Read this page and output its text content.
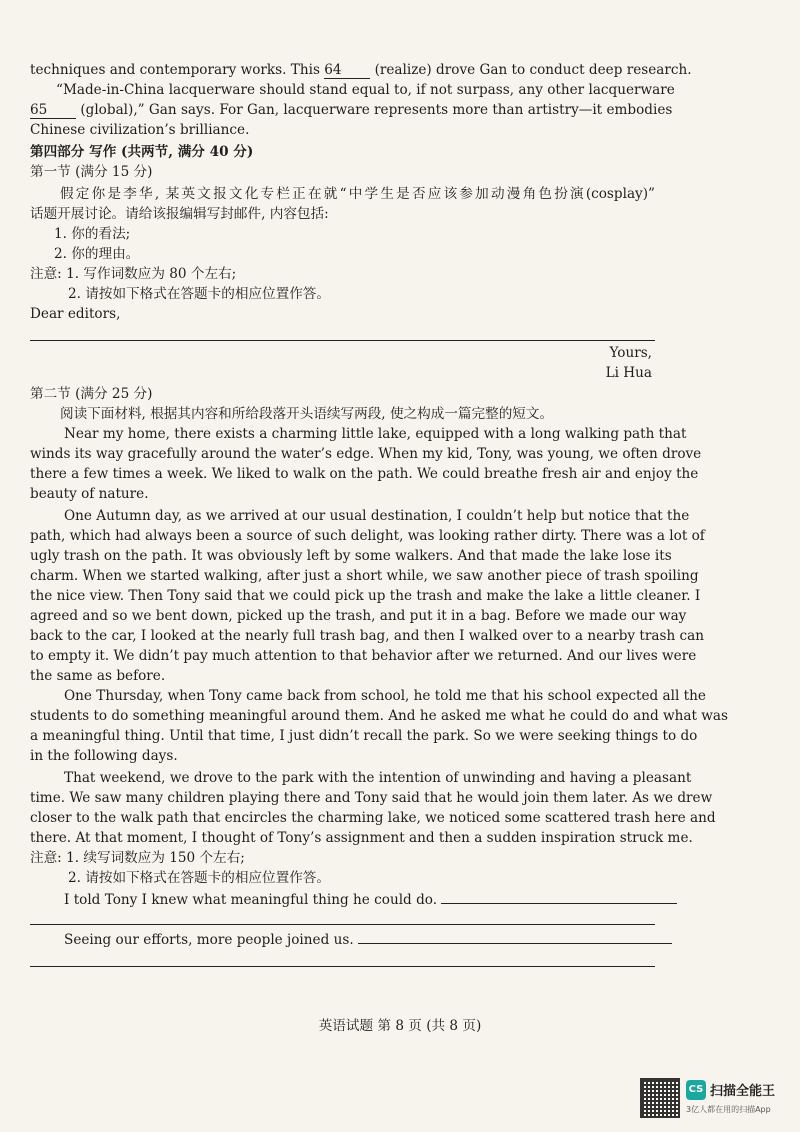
techniques and contemporary works. This 64 (realize) drove Gan to conduct deep research.
“Made-in-China lacquerware should stand equal to, if not surpass, any other lacquerware
65 (global),” Gan says. For Gan, lacquerware represents more than artistry—it embodies
Chinese civilization’s brilliance.
第四部分 写作 (共两节, 满分 40 分)
第一节 (满分 15 分)
假定你是李华, 某英文报文化专栏正在就“中学生是否应该参加动漫角色扮演(cosplay)”
话题开展讨论。请给该报编辑写封邮件, 内容包括:
1. 你的看法;
2. 你的理由。
注意: 1. 写作词数应为 80 个左右;
2. 请按如下格式在答题卡的相应位置作答。
Dear editors,
Yours,
Li Hua
第二节 (满分 25 分)
阅读下面材料, 根据其内容和所给段落开头语续写两段, 使之构成一篇完整的短文。
Near my home, there exists a charming little lake, equipped with a long walking path that
winds its way gracefully around the water’s edge. When my kid, Tony, was young, we often drove
there a few times a week. We liked to walk on the path. We could breathe fresh air and enjoy the
beauty of nature.
One Autumn day, as we arrived at our usual destination, I couldn’t help but notice that the
path, which had always been a source of such delight, was looking rather dirty. There was a lot of
ugly trash on the path. It was obviously left by some walkers. And that made the lake lose its
charm. When we started walking, after just a short while, we saw another piece of trash spoiling
the nice view. Then Tony said that we could pick up the trash and make the lake a little cleaner. I
agreed and so we bent down, picked up the trash, and put it in a bag. Before we made our way
back to the car, I looked at the nearly full trash bag, and then I walked over to a nearby trash can
to empty it. We didn’t pay much attention to that behavior after we returned. And our lives were
the same as before.
One Thursday, when Tony came back from school, he told me that his school expected all the
students to do something meaningful around them. And he asked me what he could do and what was
a meaningful thing. Until that time, I just didn’t recall the park. So we were seeking things to do
in the following days.
That weekend, we drove to the park with the intention of unwinding and having a pleasant
time. We saw many children playing there and Tony said that he would join them later. As we drew
closer to the walk path that encircles the charming lake, we noticed some scattered trash here and
there. At that moment, I thought of Tony’s assignment and then a sudden inspiration struck me.
注意: 1. 续写词数应为 150 个左右;
2. 请按如下格式在答题卡的相应位置作答。
I told Tony I knew what meaningful thing he could do.
Seeing our efforts, more people joined us.
英语试题 第 8 页 (共 8 页)
CS 扫描全能王
3亿人都在用的扫描App
